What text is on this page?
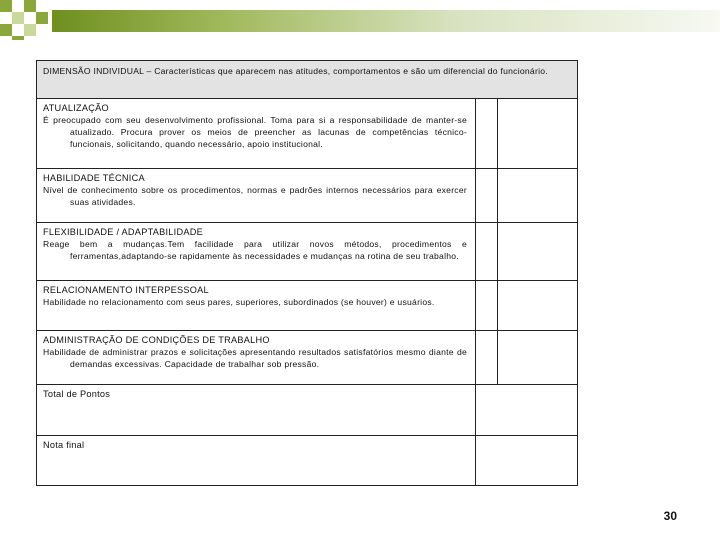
DIMENSÃO INDIVIDUAL – Características que aparecem nas atitudes, comportamentos e são um diferencial do funcionário.
ATUALIZAÇÃO
É preocupado com seu desenvolvimento profissional. Toma para si a responsabilidade de manter-se atualizado. Procura prover os meios de preencher as lacunas de competências técnico-funcionais, solicitando, quando necessário, apoio institucional.
HABILIDADE TÉCNICA
Nível de conhecimento sobre os procedimentos, normas e padrões internos necessários para exercer suas atividades.
FLEXIBILIDADE / ADAPTABILIDADE
Reage bem a mudanças.Tem facilidade para utilizar novos métodos, procedimentos e ferramentas,adaptando-se rapidamente às necessidades e mudanças na rotina de seu trabalho.
RELACIONAMENTO INTERPESSOAL
Habilidade no relacionamento com seus pares, superiores, subordinados (se houver) e usuários.
ADMINISTRAÇÃO DE CONDIÇÕES DE TRABALHO
Habilidade de administrar prazos e solicitações apresentando resultados satisfatórios mesmo diante de demandas excessivas. Capacidade de trabalhar sob pressão.
Total de Pontos
Nota final
30
